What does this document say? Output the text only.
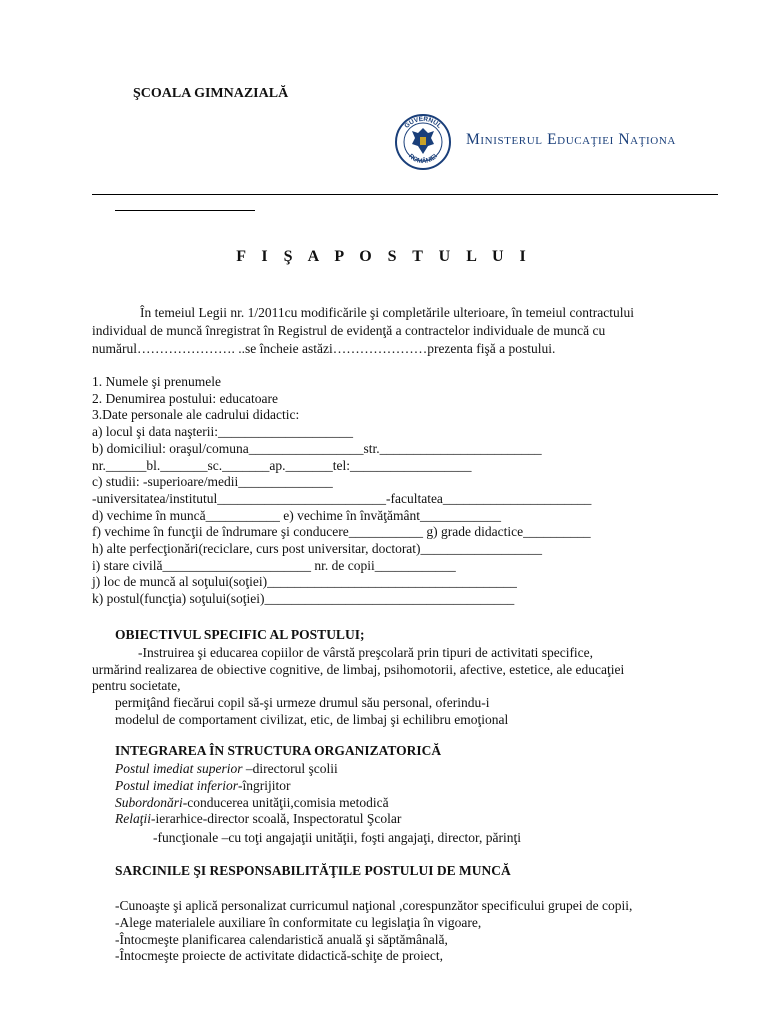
ŞCOALA GIMNAZIALĂ
GUVERNUL
ROMÂNIEI
Ministerul Educaţiei Naţiona
F I Ş A P O S T U L U I
În temeiul Legii nr. 1/2011cu modificările şi completările ulterioare, în temeiul contractului
individual de muncă înregistrat în Registrul de evidenţă a contractelor individuale de muncă cu
numărul…………………. ..se încheie astăzi…………………prezenta fişă a postului.
1. Numele şi prenumele
2. Denumirea postului: educatoare
3.Date personale ale cadrului didactic:
a) locul şi data naşterii:____________________
b) domiciliul: oraşul/comuna_________________str.________________________
nr.______bl._______sc._______ap._______tel:__________________
c) studii: -superioare/medii______________
-universitatea/institutul_________________________-facultatea______________________
d) vechime în muncă___________ e) vechime în învăţământ____________
f) vechime în funcţii de îndrumare şi conducere___________ g) grade didactice__________
h) alte perfecţionări(reciclare, curs post universitar, doctorat)__________________
i) stare civilă______________________ nr. de copii____________
j) loc de muncă al soţului(soţiei)_____________________________________
k) postul(funcţia) soţului(soţiei)_____________________________________
OBIECTIVUL SPECIFIC AL POSTULUI;
-Instruirea şi educarea copiilor de vârstă preşcolară prin tipuri de activitati specifice,
urmărind realizarea de obiective cognitive, de limbaj, psihomotorii, afective, estetice, ale educaţiei
pentru societate,
permiţând fiecărui copil să-şi urmeze drumul său personal, oferindu-i
modelul de comportament civilizat, etic, de limbaj şi echilibru emoţional
INTEGRAREA ÎN STRUCTURA ORGANIZATORICĂ
Postul imediat superior –directorul şcolii
Postul imediat inferior-îngrijitor
Subordonări-conducerea unităţii,comisia metodică
Relaţii-ierarhice-director scoală, Inspectoratul Şcolar
-funcţionale –cu toţi angajaţii unităţii, foşti angajaţi, director, părinţi
SARCINILE ŞI RESPONSABILITĂŢILE POSTULUI DE MUNCĂ
-Cunoaşte şi aplică personalizat curricumul naţional ,corespunzător specificului grupei de copii,
-Alege materialele auxiliare în conformitate cu legislaţia în vigoare,
-Întocmeşte planificarea calendaristică anuală şi săptămânală,
-Întocmeşte proiecte de activitate didactică-schiţe de proiect,
